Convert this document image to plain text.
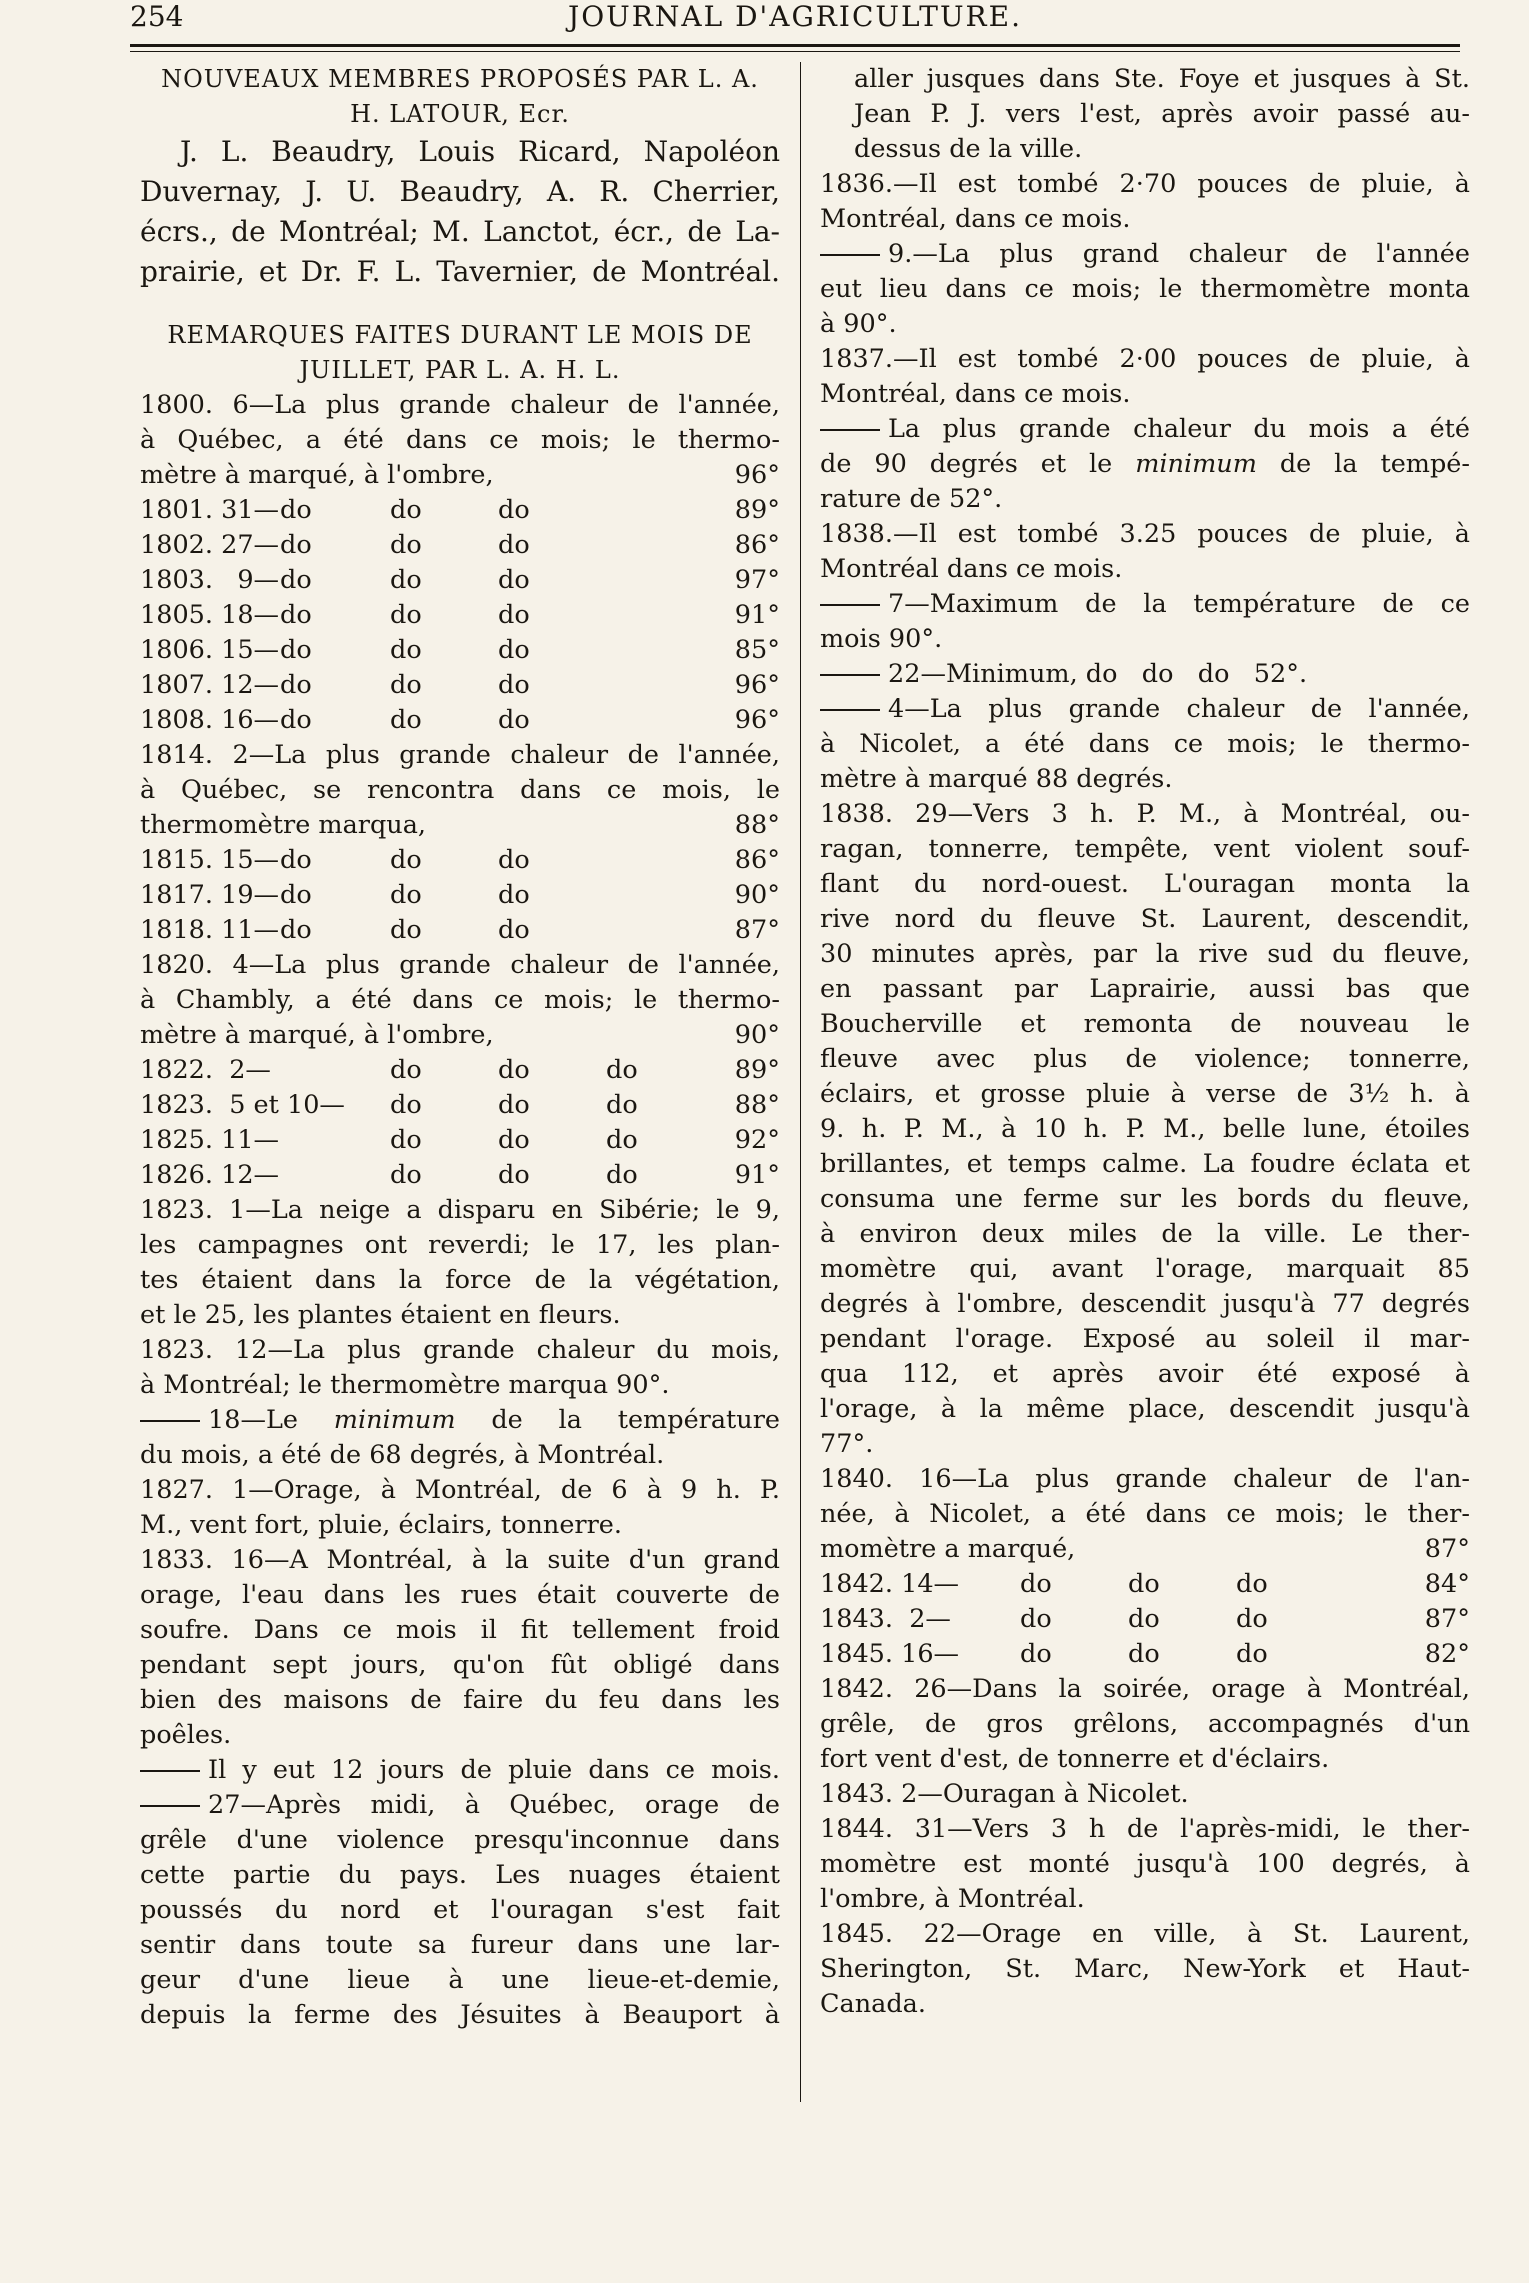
254	JOURNAL D'AGRICULTURE.
NOUVEAUX MEMBRES PROPOSÉS PAR L. A.
H. LATOUR, Ecr.
J. L. Beaudry, Louis Ricard, Napoléon
Duvernay, J. U. Beaudry, A. R. Cherrier,
écrs., de Montréal; M. Lanctot, écr., de La-
prairie, et Dr. F. L. Tavernier, de Montréal.
REMARQUES FAITES DURANT LE MOIS DE
JUILLET, PAR L. A. H. L.
1800. 6—La plus grande chaleur de l'année,
à Québec, a été dans ce mois; le thermo-
mètre à marqué, à l'ombre,	96°
1801. 31— do	do	do	89°
1802. 27— do	do	do	86°
1803.   9— do	do	do	97°
1805. 18— do	do	do	91°
1806. 15— do	do	do	85°
1807. 12— do	do	do	96°
1808. 16— do	do	do	96°
1814. 2—La plus grande chaleur de l'année,
à Québec, se rencontra dans ce mois, le
thermomètre marqua,	88°
1815. 15— do	do	do	86°
1817. 19— do	do	do	90°
1818. 11— do	do	do	87°
1820. 4—La plus grande chaleur de l'année,
à Chambly, a été dans ce mois; le thermo-
mètre à marqué, à l'ombre,	90°
1822.  2—	do	do	do	89°
1823.  5 et 10—	do	do	do	88°
1825. 11—	do	do	do	92°
1826. 12—	do	do	do	91°
1823. 1—La neige a disparu en Sibérie; le 9,
les campagnes ont reverdi; le 17, les plan-
tes étaient dans la force de la végétation,
et le 25, les plantes étaient en fleurs.
1823. 12—La plus grande chaleur du mois,
à Montréal; le thermomètre marqua 90°.
18—Le minimum de la température
du mois, a été de 68 degrés, à Montréal.
1827. 1—Orage, à Montréal, de 6 à 9 h. P.
M., vent fort, pluie, éclairs, tonnerre.
1833. 16—A Montréal, à la suite d'un grand
orage, l'eau dans les rues était couverte de
soufre. Dans ce mois il fit tellement froid
pendant sept jours, qu'on fût obligé dans
bien des maisons de faire du feu dans les
poêles.
Il y eut 12 jours de pluie dans ce mois.
27—Après midi, à Québec, orage de
grêle d'une violence presqu'inconnue dans
cette partie du pays. Les nuages étaient
poussés du nord et l'ouragan s'est fait
sentir dans toute sa fureur dans une lar-
geur d'une lieue à une lieue-et-demie,
depuis la ferme des Jésuites à Beauport à
aller jusques dans Ste. Foye et jusques à St.
Jean P. J. vers l'est, après avoir passé au-
dessus de la ville.
1836.—Il est tombé 2·70 pouces de pluie, à
Montréal, dans ce mois.
9.—La plus grand chaleur de l'année
eut lieu dans ce mois; le thermomètre monta
à 90°.
1837.—Il est tombé 2·00 pouces de pluie, à
Montréal, dans ce mois.
La plus grande chaleur du mois a été
de 90 degrés et le minimum de la tempé-
rature de 52°.
1838.—Il est tombé 3.25 pouces de pluie, à
Montréal dans ce mois.
7—Maximum de la température de ce
mois 90°.
22—Minimum, do   do   do   52°.
4—La plus grande chaleur de l'année,
à Nicolet, a été dans ce mois; le thermo-
mètre à marqué 88 degrés.
1838. 29—Vers 3 h. P. M., à Montréal, ou-
ragan, tonnerre, tempête, vent violent souf-
flant du nord-ouest. L'ouragan monta la
rive nord du fleuve St. Laurent, descendit,
30 minutes après, par la rive sud du fleuve,
en passant par Laprairie, aussi bas que
Boucherville et remonta de nouveau le
fleuve avec plus de violence; tonnerre,
éclairs, et grosse pluie à verse de 3½ h. à
9. h. P. M., à 10 h. P. M., belle lune, étoiles
brillantes, et temps calme. La foudre éclata et
consuma une ferme sur les bords du fleuve,
à environ deux miles de la ville. Le ther-
momètre qui, avant l'orage, marquait 85
degrés à l'ombre, descendit jusqu'à 77 degrés
pendant l'orage. Exposé au soleil il mar-
qua 112, et après avoir été exposé à
l'orage, à la même place, descendit jusqu'à
77°.
1840. 16—La plus grande chaleur de l'an-
née, à Nicolet, a été dans ce mois; le ther-
momètre a marqué,	87°
1842. 14—	do	do	do	84°
1843.  2—	do	do	do	87°
1845. 16—	do	do	do	82°
1842. 26—Dans la soirée, orage à Montréal,
grêle, de gros grêlons, accompagnés d'un
fort vent d'est, de tonnerre et d'éclairs.
1843. 2—Ouragan à Nicolet.
1844. 31—Vers 3 h de l'après-midi, le ther-
momètre est monté jusqu'à 100 degrés, à
l'ombre, à Montréal.
1845. 22—Orage en ville, à St. Laurent,
Sherington, St. Marc, New-York et Haut-
Canada.
